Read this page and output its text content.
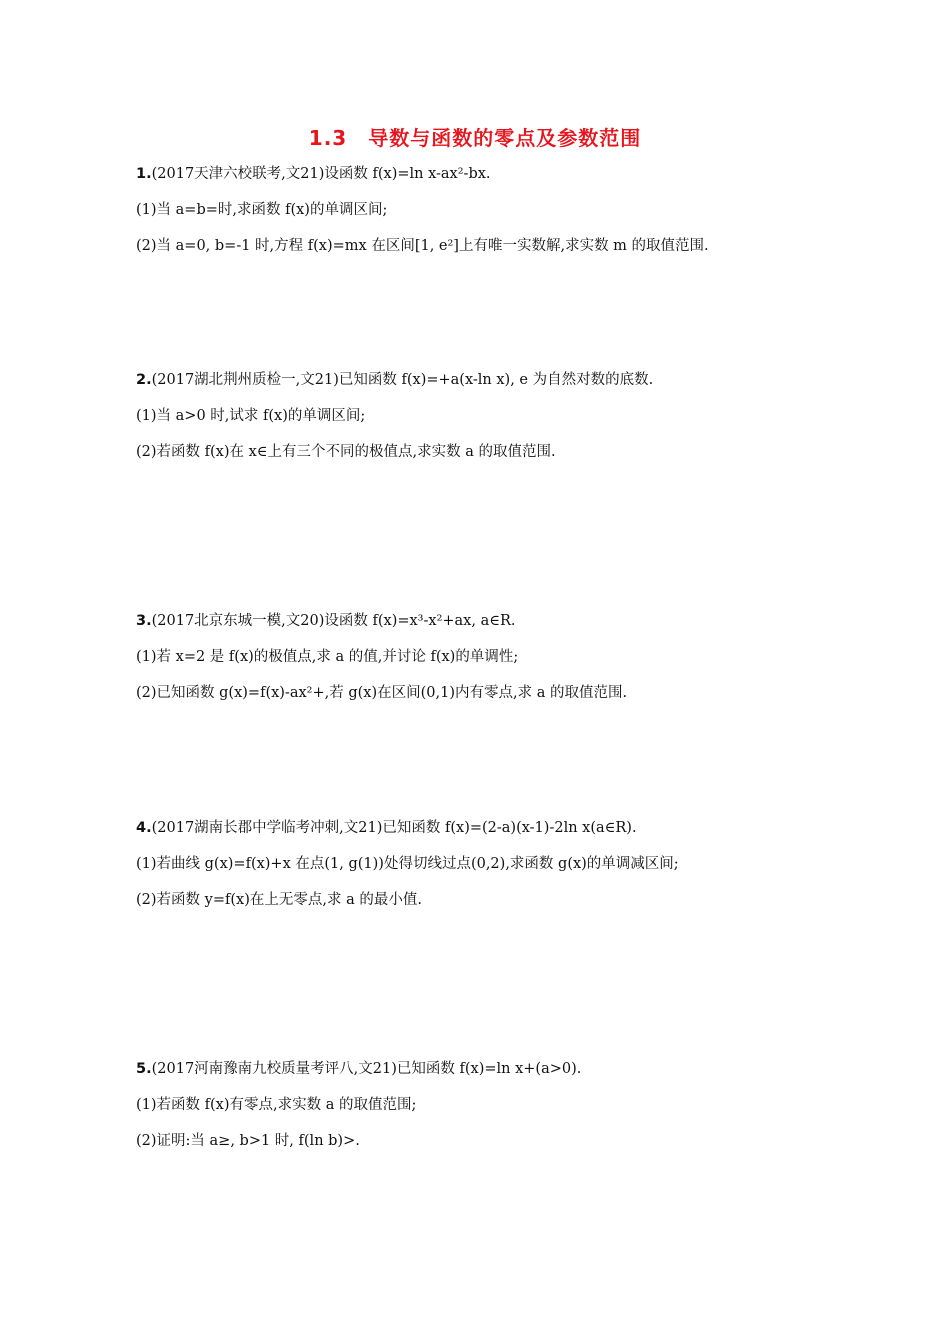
1.3　导数与函数的零点及参数范围
1.(2017天津六校联考,文21)设函数 f(x)=ln x-ax²-bx.
(1)当 a=b=时,求函数 f(x)的单调区间;
(2)当 a=0, b=-1 时,方程 f(x)=mx 在区间[1, e²]上有唯一实数解,求实数 m 的取值范围.
2.(2017湖北荆州质检一,文21)已知函数 f(x)=+a(x-ln x), e 为自然对数的底数.
(1)当 a>0 时,试求 f(x)的单调区间;
(2)若函数 f(x)在 x∈上有三个不同的极值点,求实数 a 的取值范围.
3.(2017北京东城一模,文20)设函数 f(x)=x³-x²+ax, a∈R.
(1)若 x=2 是 f(x)的极值点,求 a 的值,并讨论 f(x)的单调性;
(2)已知函数 g(x)=f(x)-ax²+,若 g(x)在区间(0,1)内有零点,求 a 的取值范围.
4.(2017湖南长郡中学临考冲刺,文21)已知函数 f(x)=(2-a)(x-1)-2ln x(a∈R).
(1)若曲线 g(x)=f(x)+x 在点(1, g(1))处得切线过点(0,2),求函数 g(x)的单调减区间;
(2)若函数 y=f(x)在上无零点,求 a 的最小值.
5.(2017河南豫南九校质量考评八,文21)已知函数 f(x)=ln x+(a>0).
(1)若函数 f(x)有零点,求实数 a 的取值范围;
(2)证明:当 a≥, b>1 时, f(ln b)>.
